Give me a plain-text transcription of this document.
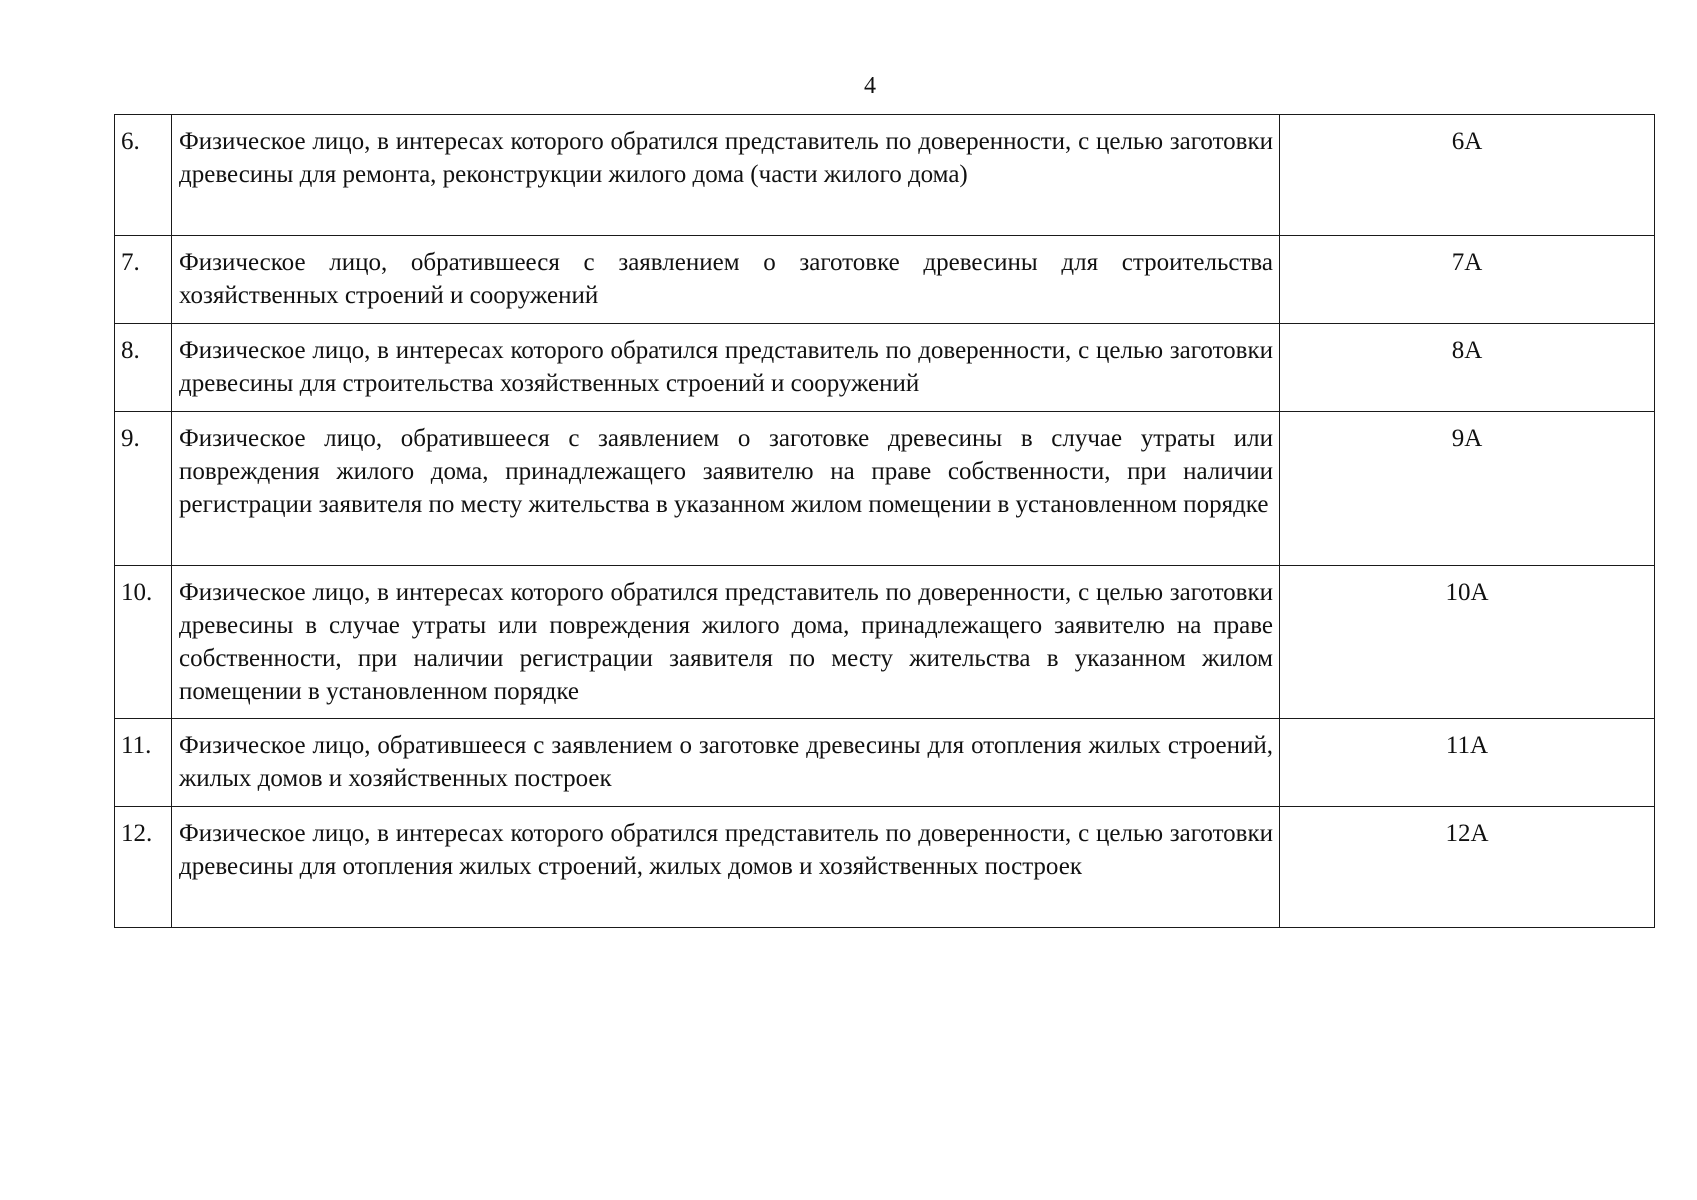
4
6.	Физическое лицо, в интересах которого обратился представитель по доверенности, с целью заготовки древесины для ремонта, реконструкции жилого дома (части жилого дома)	6А

7.	Физическое лицо, обратившееся с заявлением о заготовке древесины для строительства хозяйственных строений и сооружений	7А

8.	Физическое лицо, в интересах которого обратился представитель по доверенности, с целью заготовки древесины для строительства хозяйственных строений и сооружений	8А

9.	Физическое лицо, обратившееся с заявлением о заготовке древесины в случае утраты или повреждения жилого дома, принадлежащего заявителю на праве собственности, при наличии регистрации заявителя по месту жительства в указанном жилом помещении в установленном порядке	9А

10.	Физическое лицо, в интересах которого обратился представитель по доверенности, с целью заготовки древесины в случае утраты или повреждения жилого дома, принадлежащего заявителю на праве собственности, при наличии регистрации заявителя по месту жительства в указанном жилом помещении в установленном порядке	10А

11.	Физическое лицо, обратившееся с заявлением о заготовке древесины для отопления жилых строений, жилых домов и хозяйственных построек	11А

12.	Физическое лицо, в интересах которого обратился представитель по доверенности, с целью заготовки древесины для отопления жилых строений, жилых домов и хозяйственных построек	12А
